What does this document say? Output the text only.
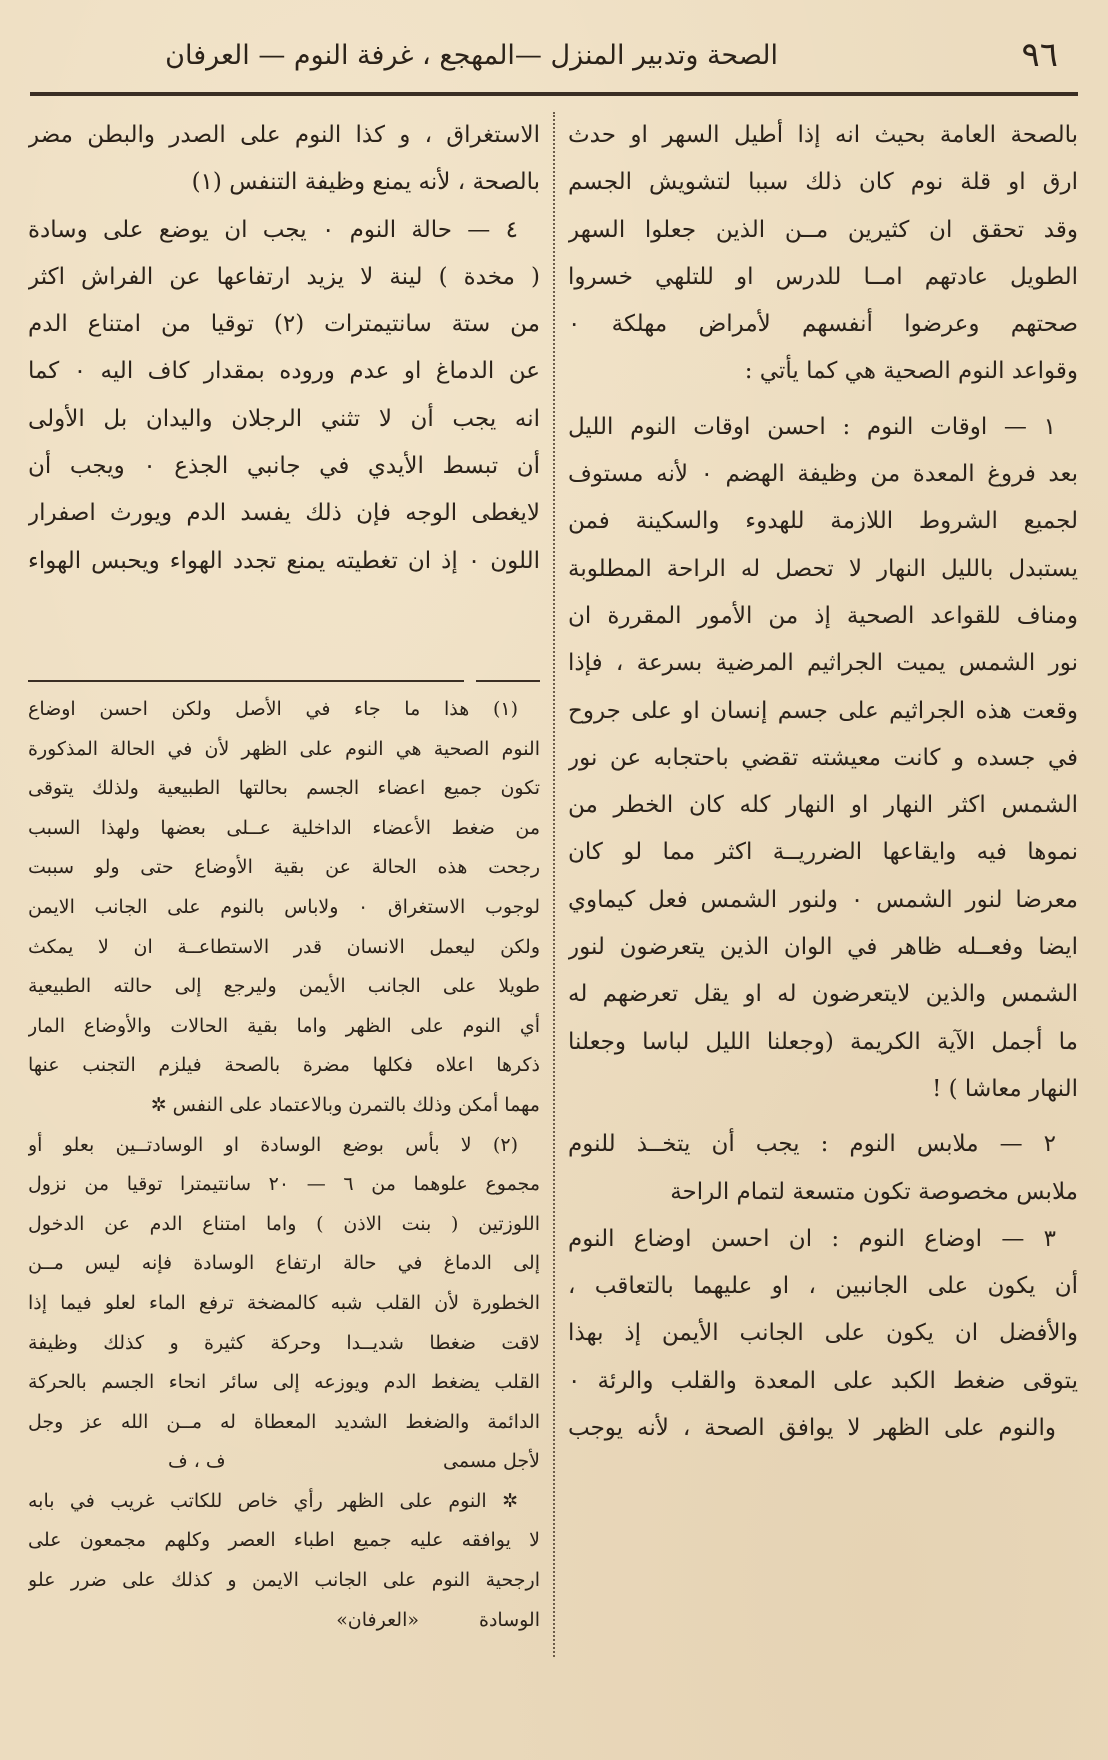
٩٦
الصحة وتدبير المنزل —المهجع ، غرفة النوم — العرفان
بالصحة العامة بحيث انه إذا أطيل السهر او حدث
ارق او قلة نوم كان ذلك سببا لتشويش الجسم
وقد تحقق ان كثيرين مــن الذين جعلوا السهر
الطويل عادتهم امــا للدرس او للتلهي خسروا
صحتهم وعرضوا أنفسهم لأمراض مهلكة ٠
وقواعد النوم الصحية هي كما يأتي :
١ — اوقات النوم : احسن اوقات النوم الليل
بعد فروغ المعدة من وظيفة الهضم ٠ لأنه مستوف
لجميع الشروط اللازمة للهدوء والسكينة فمن
يستبدل بالليل النهار لا تحصل له الراحة المطلوبة
ومناف للقواعد الصحية إذ من الأمور المقررة ان
نور الشمس يميت الجراثيم المرضية بسرعة ، فإذا
وقعت هذه الجراثيم على جسم إنسان او على جروح
في جسده و كانت معيشته تقضي باحتجابه عن نور
الشمس اكثر النهار او النهار كله كان الخطر من
نموها فيه وايقاعها الضرريــة اكثر مما لو كان
معرضا لنور الشمس ٠ ولنور الشمس فعل كيماوي
ايضا وفعــله ظاهر في الوان الذين يتعرضون لنور
الشمس والذين لايتعرضون له او يقل تعرضهم له
ما أجمل الآية الكريمة (وجعلنا الليل لباسا وجعلنا
النهار معاشا ) !
٢ — ملابس النوم : يجب أن يتخــذ للنوم
ملابس مخصوصة تكون متسعة لتمام الراحة
٣ — اوضاع النوم : ان احسن اوضاع النوم
أن يكون على الجانبين ، او عليهما بالتعاقب ،
والأفضل ان يكون على الجانب الأيمن إذ بهذا
يتوقى ضغط الكبد على المعدة والقلب والرئة ٠
والنوم على الظهر لا يوافق الصحة ، لأنه يوجب
الاستغراق ، و كذا النوم على الصدر والبطن مضر
بالصحة ، لأنه يمنع وظيفة التنفس (١)
٤ — حالة النوم ٠ يجب ان يوضع على وسادة
( مخدة ) لينة لا يزيد ارتفاعها عن الفراش اكثر
من ستة سانتيمترات (٢) توقيا من امتناع الدم
عن الدماغ او عدم وروده بمقدار كاف اليه ٠ كما
انه يجب أن لا تثني الرجلان واليدان بل الأولى
أن تبسط الأيدي في جانبي الجذع ٠ ويجب أن
لايغطى الوجه فإن ذلك يفسد الدم ويورث اصفرار
اللون ٠ إذ ان تغطيته يمنع تجدد الهواء ويحبس الهواء
(١) هذا ما جاء في الأصل ولكن احسن اوضاع
النوم الصحية هي النوم على الظهر لأن في الحالة المذكورة
تكون جميع اعضاء الجسم بحالتها الطبيعية ولذلك يتوقى
من ضغط الأعضاء الداخلية عــلى بعضها ولهذا السبب
رجحت هذه الحالة عن بقية الأوضاع حتى ولو سببت
لوجوب الاستغراق ٠ ولاباس بالنوم على الجانب الايمن
ولكن ليعمل الانسان قدر الاستطاعــة ان لا يمكث
طويلا على الجانب الأيمن وليرجع إلى حالته الطبيعية
أي النوم على الظهر واما بقية الحالات والأوضاع المار
ذكرها اعلاه فكلها مضرة بالصحة فيلزم التجنب عنها
مهما أمكن وذلك بالتمرن وبالاعتماد على النفس ✲
(٢) لا بأس بوضع الوسادة او الوسادتــين بعلو أو
مجموع علوهما من ٦ — ٢٠ سانتيمترا توقيا من نزول
اللوزتين ( بنت الاذن ) واما امتناع الدم عن الدخول
إلى الدماغ في حالة ارتفاع الوسادة فإنه ليس مــن
الخطورة لأن القلب شبه كالمضخة ترفع الماء لعلو فيما إذا
لاقت ضغطا شديــدا وحركة كثيرة و كذلك وظيفة
القلب يضغط الدم ويوزعه إلى سائر انحاء الجسم بالحركة
الدائمة والضغط الشديد المعطاة له مــن الله عز وجل
لأجل مسمى
ف ، ف
✲ النوم على الظهر رأي خاص للكاتب غريب في بابه
لا يوافقه عليه جميع اطباء العصر وكلهم مجمعون على
ارجحية النوم على الجانب الايمن و كذلك على ضرر علو
الوسادة
«العرفان»
